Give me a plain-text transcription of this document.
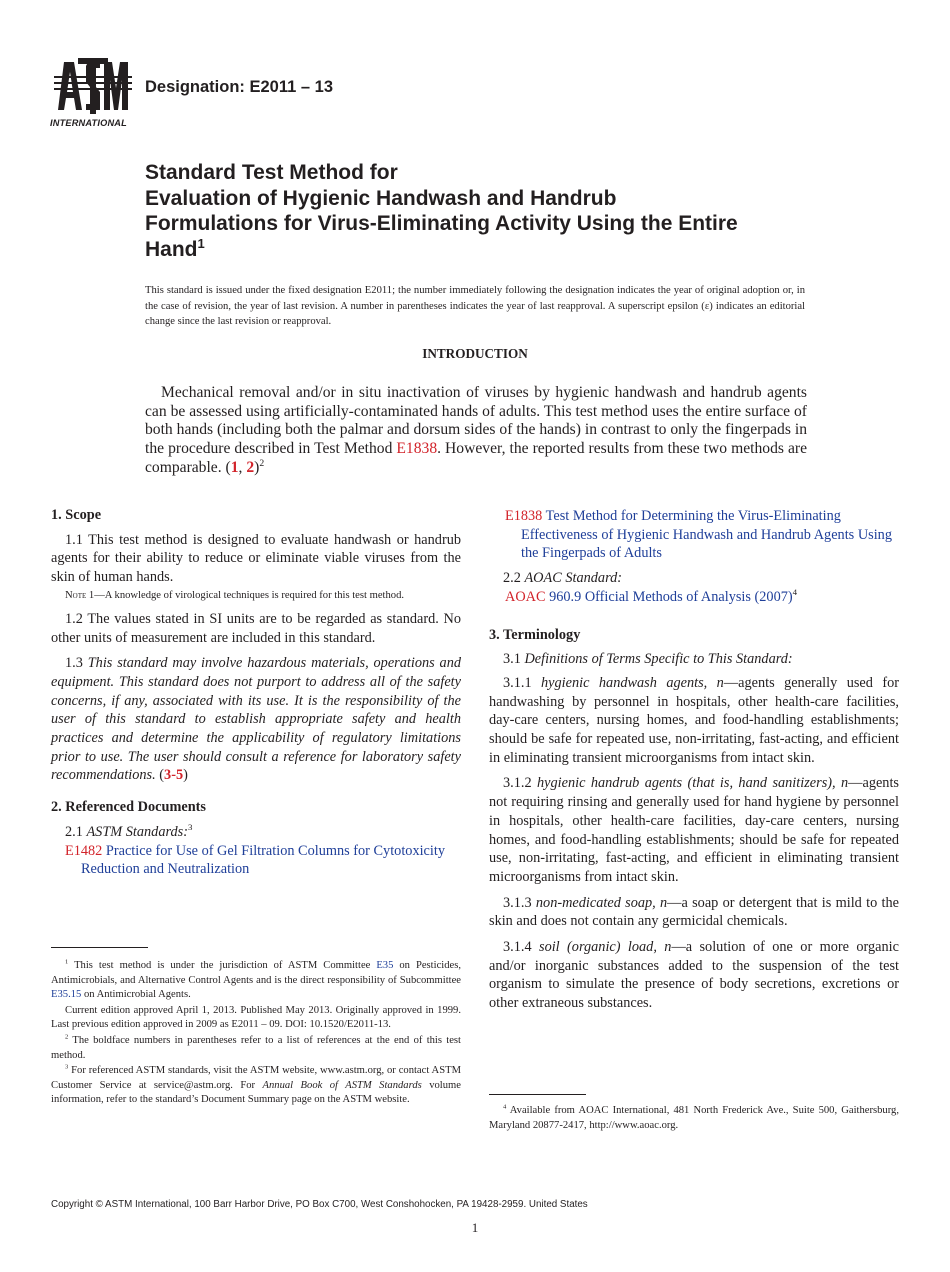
INTERNATIONAL
Designation: E2011 – 13
Standard Test Method for
Evaluation of Hygienic Handwash and Handrub
Formulations for Virus-Eliminating Activity Using the Entire
Hand$^1$
This standard is issued under the fixed designation E2011; the number immediately following the designation indicates the year of original adoption or, in the case of revision, the year of last revision. A number in parentheses indicates the year of last reapproval. A superscript epsilon (ε) indicates an editorial change since the last revision or reapproval.
INTRODUCTION
Mechanical removal and/or in situ inactivation of viruses by hygienic handwash and handrub agents can be assessed using artificially-contaminated hands of adults. This test method uses the entire surface of both hands (including both the palmar and dorsum sides of the hands) in contrast to only the fingerpads in the procedure described in Test Method E1838. However, the reported results from these two methods are comparable. (1, 2)$^2$

1. Scope

1.1 This test method is designed to evaluate handwash or handrub agents for their ability to reduce or eliminate viable viruses from the skin of human hands.

Note 1—A knowledge of virological techniques is required for this test method.

1.2 The values stated in SI units are to be regarded as standard. No other units of measurement are included in this standard.

1.3 This standard may involve hazardous materials, operations and equipment. This standard does not purport to address all of the safety concerns, if any, associated with its use. It is the responsibility of the user of this standard to establish appropriate safety and health practices and determine the applicability of regulatory limitations prior to use. The user should consult a reference for laboratory safety recommendations. (3-5)

2. Referenced Documents

2.1 ASTM Standards:$^3$

E1482 Practice for Use of Gel Filtration Columns for Cytotoxicity Reduction and Neutralization

$^1$ This test method is under the jurisdiction of ASTM Committee E35 on Pesticides, Antimicrobials, and Alternative Control Agents and is the direct responsibility of Subcommittee E35.15 on Antimicrobial Agents.

Current edition approved April 1, 2013. Published May 2013. Originally approved in 1999. Last previous edition approved in 2009 as E2011 – 09. DOI: 10.1520/E2011-13.

$^2$ The boldface numbers in parentheses refer to a list of references at the end of this test method.

$^3$ For referenced ASTM standards, visit the ASTM website, www.astm.org, or contact ASTM Customer Service at service@astm.org. For Annual Book of ASTM Standards volume information, refer to the standard’s Document Summary page on the ASTM website.

E1838 Test Method for Determining the Virus-Eliminating Effectiveness of Hygienic Handwash and Handrub Agents Using the Fingerpads of Adults

2.2 AOAC Standard:

AOAC 960.9 Official Methods of Analysis $(2007)^4$

3. Terminology

3.1 Definitions of Terms Specific to This Standard:

3.1.1 hygienic handwash agents, n—agents generally used for handwashing by personnel in hospitals, other health-care facilities, day-care centers, nursing homes, and food-handling establishments; should be safe for repeated use, non-irritating, fast-acting, and efficient in eliminating transient microorganisms from intact skin.

3.1.2 hygienic handrub agents (that is, hand sanitizers), n—agents not requiring rinsing and generally used for hand hygiene by personnel in hospitals, other health-care facilities, day-care centers, nursing homes, and food-handling establishments; should be safe for repeated use, non-irritating, fast-acting, and efficient in eliminating transient microorganisms from intact skin.

3.1.3 non-medicated soap, n—a soap or detergent that is mild to the skin and does not contain any germicidal chemicals.

3.1.4 soil (organic) load, n—a solution of one or more organic and/or inorganic substances added to the suspension of the test organism to simulate the presence of body secretions, excretions or other extraneous substances.

$^4$ Available from AOAC International, 481 North Frederick Ave., Suite 500, Gaithersburg, Maryland 20877-2417, http://www.aoac.org.

Copyright © ASTM International, 100 Barr Harbor Drive, PO Box C700, West Conshohocken, PA 19428-2959. United States
1
